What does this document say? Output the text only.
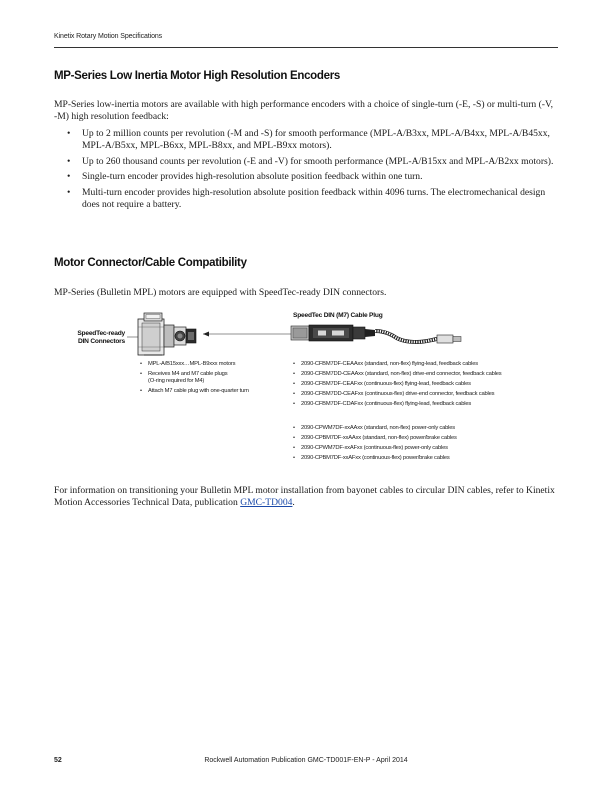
Kinetix Rotary Motion Specifications
MP-Series Low Inertia Motor High Resolution Encoders
MP-Series low-inertia motors are available with high performance encoders with a choice of single-turn (-E, -S) or multi-turn (-V, -M) high resolution feedback:
• Up to 2 million counts per revolution (-M and -S) for smooth performance (MPL-A/B3xx, MPL-A/B4xx, MPL-A/B45xx, MPL-A/B5xx, MPL-B6xx, MPL-B8xx, and MPL-B9xx motors).
• Up to 260 thousand counts per revolution (-E and -V) for smooth performance (MPL-A/B15xx and MPL-A/B2xx motors).
• Single-turn encoder provides high-resolution absolute position feedback within one turn.
• Multi-turn encoder provides high-resolution absolute position feedback within 4096 turns. The electromechanical design does not require a battery.
Motor Connector/Cable Compatibility
MP-Series (Bulletin MPL) motors are equipped with SpeedTec-ready DIN connectors.
SpeedTec-ready
DIN Connectors
SpeedTec DIN (M7) Cable Plug
• MPL-A/B15xxx…MPL-B9xxx motors
• Receives M4 and M7 cable plugs
(O-ring required for M4)
• Attach M7 cable plug with one-quarter turn
• 2090-CFBM7DF-CEAAxx (standard, non-flex) flying-lead, feedback cables
• 2090-CFBM7DD-CEAAxx (standard, non-flex) drive-end connector, feedback cables
• 2090-CFBM7DF-CEAFxx (continuous-flex) flying-lead, feedback cables
• 2090-CFBM7DD-CEAFxx (continuous-flex) drive-end connector, feedback cables
• 2090-CFBM7DF-CDAFxx (continuous-flex) flying-lead, feedback cables
• 2090-CPWM7DF-xxAAxx (standard, non-flex) power-only cables
• 2090-CPBM7DF-xxAAxx (standard, non-flex) power/brake cables
• 2090-CPWM7DF-xxAFxx (continuous-flex) power-only cables
• 2090-CPBM7DF-xxAFxx (continuous-flex) power/brake cables
For information on transitioning your Bulletin MPL motor installation from bayonet cables to circular DIN cables, refer to Kinetix Motion Accessories Technical Data, publication GMC-TD004.
52	Rockwell Automation Publication GMC-TD001F-EN-P - April 2014
